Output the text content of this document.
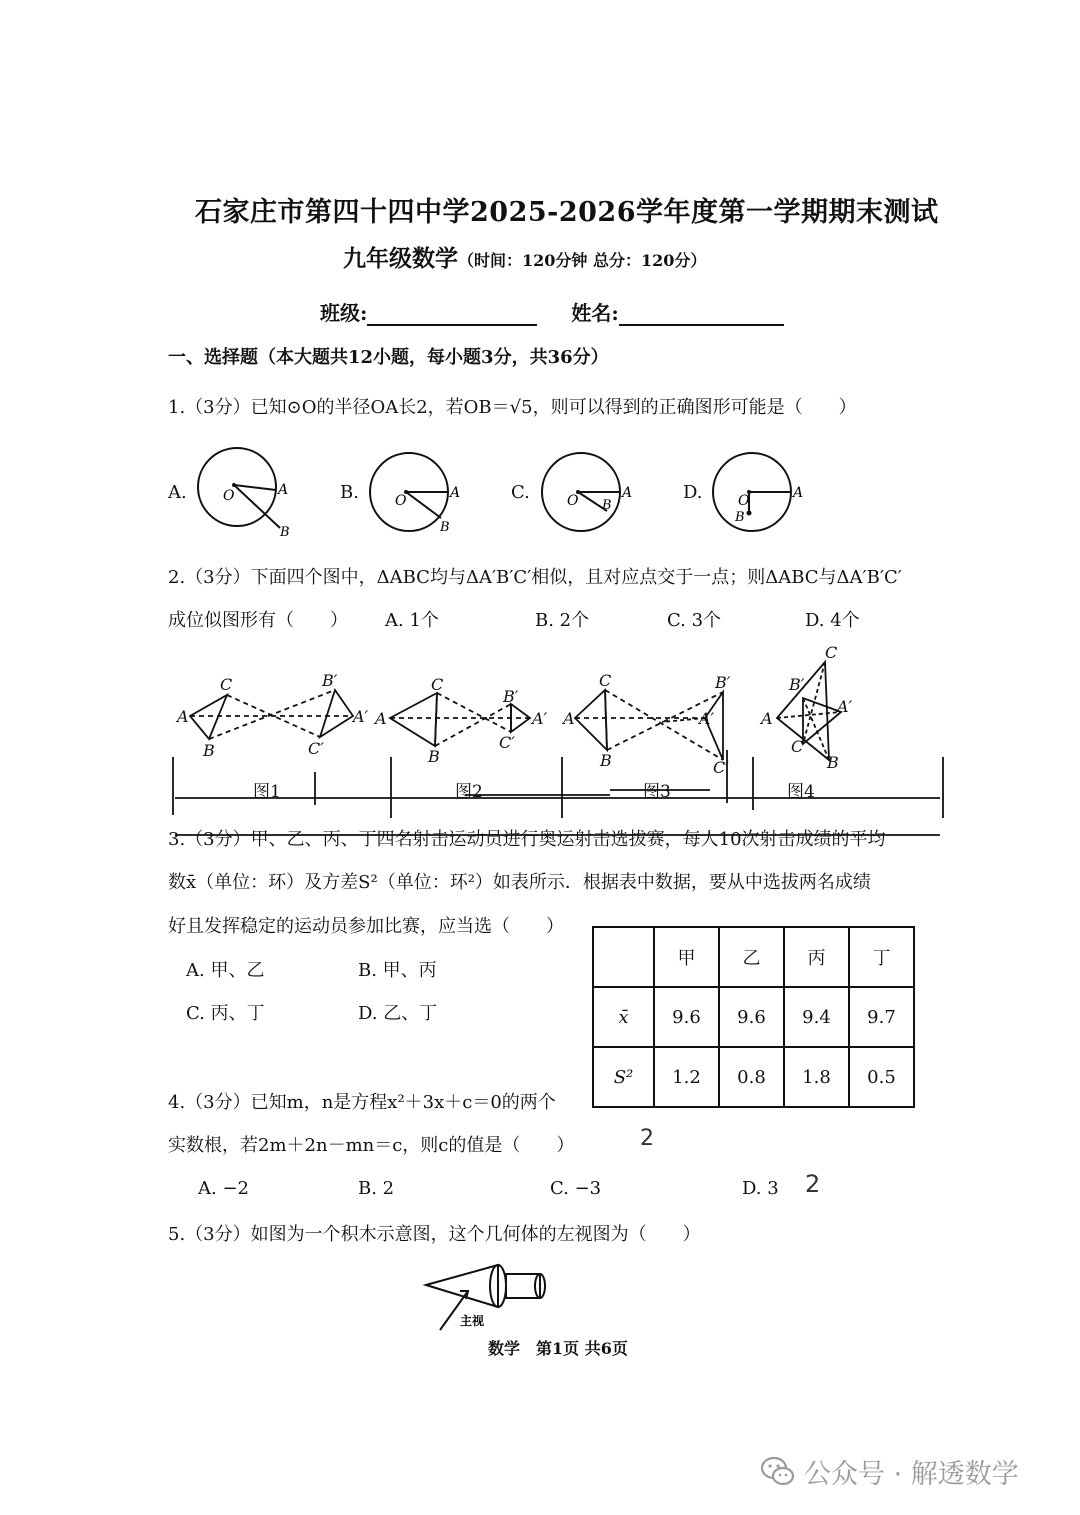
石家庄市第四十四中学2025-2026学年度第一学期期末测试
九年级数学（时间：120分钟 总分：120分）
班级:	姓名:
一、选择题（本大题共12小题，每小题3分，共36分）
1.（3分）已知⊙O的半径OA长2，若OB＝√5，则可以得到的正确图形可能是（　　）
A.	B.	C.	D.
O	A
B
O	A
B
O	A
B	O	A
B
2.（3分）下面四个图中，ΔABC均与ΔA′B′C′相似，且对应点交于一点；则ΔABC与ΔA′B′C′
成位似图形有（　　） A. 1个	B. 2个	C. 3个	D. 4个
A
C
B
B′
A′
C′
A
C
B
B′
A′
C′
A
C
B
B′
A′
C′
A
C
B
B′
A′
C′
图1	图2	图3	图4
3.（3分）甲、乙、丙、丁四名射击运动员进行奥运射击选拔赛，每人10次射击成绩的平均
数x̄（单位：环）及方差S²（单位：环²）如表所示．根据表中数据，要从中选拔两名成绩
好且发挥稳定的运动员参加比赛，应当选（　　）
A. 甲、乙	B. 甲、丙
C. 丙、丁	D. 乙、丁
	甲	乙	丙	丁
x̄	9.6	9.6	9.4	9.7
S²	1.2	0.8	1.8	0.5
4.（3分）已知m，n是方程x²＋3x＋c＝0的两个
实数根，若2m＋2n－mn＝c，则c的值是（　　）	2
A. −2	B. 2	C. −3	D. 3 2
5.（3分）如图为一个积木示意图，这个几何体的左视图为（　　）
主视
数学　第1页 共6页
公众号 · 解透数学
